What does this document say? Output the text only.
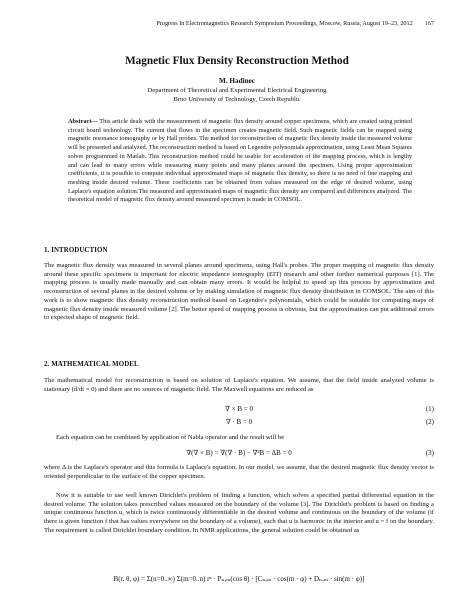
Progress In Electromagnetics Research Symposium Proceedings, Moscow, Russia, August 19–23, 2012 167
Magnetic Flux Density Reconstruction Method
M. Hadinec
Department of Theoretical and Experimental Electrical Engineering
Brno University of Technology, Czech Republic
Abstract— This article deals with the measurement of magnetic flux density around copper specimens, which are created using printed circuit board technology. The current that flows in the specimen creates magnetic field. Such magnetic fields can be mapped using magnetic resonance tomography or by Hall probes. The method for reconstruction of magnetic flux density inside the measured volume will be presented and analyzed. The reconstruction method is based on Legendre polynomials approximation, using Least Mean Squares solver programmed in Matlab. This reconstruction method could be usable for acceleration of the mapping process, which is lengthy and can lead to many errors while measuring many points and many planes around the specimen. Using proper approximation coefficients, it is possible to compute individual approximated maps of magnetic flux density, so there is no need of fine mapping and meshing inside desired volume. These coefficients can be obtained from values measured on the edge of desired volume, using Laplace's equation solution.The measured and approximated maps of magnetic flux density are compared and differences analyzed. The theoretical model of magnetic flux density around measured specimen is made in COMSOL.
1. INTRODUCTION
The magnetic flux density was measured in several planes around specimens, using Hall's probes. The proper mapping of magnetic flux density around these specific specimens is important for electric impedance tomography (EIT) research and other further numerical purposes [1]. The mapping process is usually made manually and can obtain many errors. It would be helpful to speed up this process by approximation and reconstruction of several planes in the desired volume or by making simulation of magnetic flux density distribution in COMSOL. The aim of this work is to show magnetic flux density reconstruction method based on Legendre's polynomials, which could be suitable for computing maps of magnetic flux density inside measured volume [2]. The better speed of mapping process is obvious, but the approximation can put additional errors to expected shape of magnetic field.
2. MATHEMATICAL MODEL
The mathematical model for reconstruction is based on solution of Laplace's equation. We assume, that the field inside analyzed volume is stationary (d/dt = 0) and there are no sources of magnetic field. The Maxwell equations are reduced as
∇ × B = 0	(1)
∇ · B = 0	(2)
Each equation can be combined by application of Nabla operator and the result will be
∇(∇ × B) = ∇(∇ · B) − ∇²B = ΔB = 0	(3)
where Δ is the Laplace's operator and this formula is Laplace's equation. In our model, we assume, that the desired magnetic flux density vector is oriented perpendicular to the surface of the copper specimen.
Now it is suitable to use well known Dirichlet's problem of finding a function, which solves a specified partial differential equation in the desired volume. The solution takes prescribed values measured on the boundary of the volume [3]. The Dirichlet's problem is based on finding a unique continuous function u, which is twice continuously differentiable in the desired volume and continuous on the boundary of the volume (if there is given function f that has values everywhere on the boundary of a volume), such that u is harmonic in the interior and u = f on the boundary. The requirement is called Dirichlet boundary condition. In NMR applications, the general solution could be obtained as
B(r, θ, φ) = Σ(n=0..∞) Σ(m=0..n) rⁿ · Pₙ,ₘ(cos θ) · [Cₙ,ₘ · cos(m · φ) + Dₙ,ₘ · sin(m · φ)]
